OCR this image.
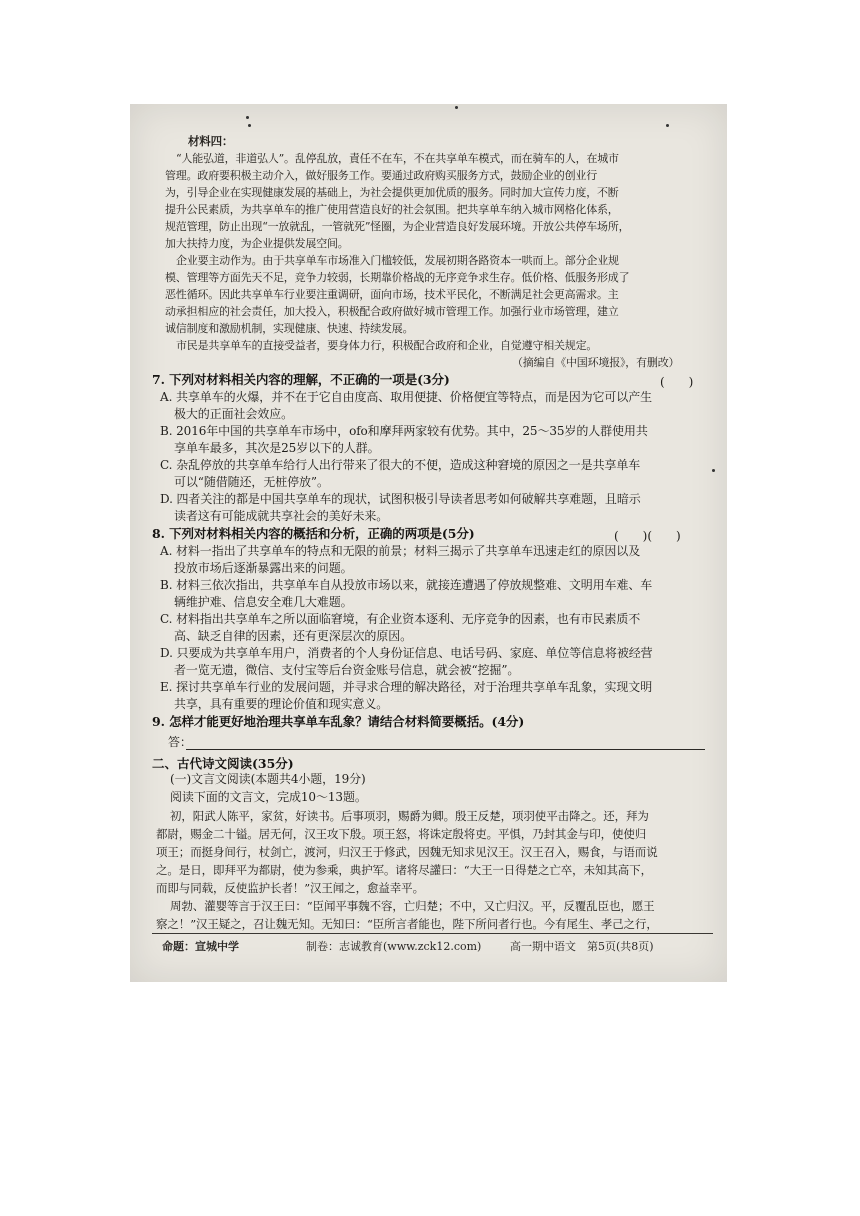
材料四：

“人能弘道，非道弘人”。乱停乱放，責任不在车，不在共享单车模式，而在骑车的人，在城市

管理。政府要积极主动介入，做好服务工作。要通过政府购买服务方式，鼓励企业的创业行

为，引导企业在实现健康发展的基础上，为社会提供更加优质的服务。同时加大宣传力度，不断

提升公民素质，为共享单车的推广使用营造良好的社会氛围。把共享单车纳入城市网格化体系，

规范管理，防止出现“一放就乱，一管就死”怪圈，为企业营造良好发展环境。开放公共停车场所，

加大扶持力度，为企业提供发展空间。

企业要主动作为。由于共享单车市场准入门槛较低，发展初期各路资本一哄而上。部分企业规

模、管理等方面先天不足，竞争力较弱，长期靠价格战的无序竞争求生存。低价格、低服务形成了

恶性循环。因此共享单车行业要注重调研，面向市场，技术平民化，不断满足社会更高需求。主

动承担相应的社会责任，加大投入，积极配合政府做好城市管理工作。加强行业市场管理，建立

诚信制度和激励机制，实现健康、快速、持续发展。

市民是共享单车的直接受益者，要身体力行，积极配合政府和企业，自觉遵守相关规定。

（摘编自《中国环境报》，有删改）

7. 下列对材料相关内容的理解，不正确的一项是(3分)	(　　)

A. 共享单车的火爆，并不在于它自由度高、取用便捷、价格便宜等特点，而是因为它可以产生

极大的正面社会效应。

B. 2016年中国的共享单车市场中，ofo和摩拜两家较有优势。其中，25～35岁的人群使用共

享单车最多，其次是25岁以下的人群。

C. 杂乱停放的共享单车给行人出行带来了很大的不便，造成这种窘境的原因之一是共享单车

可以“随借随还，无桩停放”。

D. 四者关注的都是中国共享单车的现状，试图积极引导读者思考如何破解共享难题，且暗示

读者这有可能成就共享社会的美好未来。

8. 下列对材料相关内容的概括和分析，正确的两项是(5分)	(　　)(　　)

A. 材料一指出了共享单车的特点和无限的前景；材料三揭示了共享单车迅速走红的原因以及

投放市场后逐渐暴露出来的问题。

B. 材料三依次指出，共享单车自从投放市场以来，就接连遭遇了停放规整难、文明用车难、车

辆维护难、信息安全难几大难题。

C. 材料指出共享单车之所以面临窘境，有企业资本逐利、无序竞争的因素，也有市民素质不

高、缺乏自律的因素，还有更深层次的原因。

D. 只要成为共享单车用户，消费者的个人身份证信息、电话号码、家庭、单位等信息将被经营

者一览无遗，微信、支付宝等后台资金账号信息，就会被“挖掘”。

E. 探讨共享单车行业的发展问题，并寻求合理的解决路径，对于治理共享单车乱象，实现文明

共享，具有重要的理论价值和现实意义。

9. 怎样才能更好地治理共享单车乱象？请结合材料简要概括。(4分)

答：

二、古代诗文阅读(35分)

(一)文言文阅读(本题共4小题，19分)

阅读下面的文言文，完成10～13题。

初，阳武人陈平，家贫，好读书。后事项羽，赐爵为卿。殷王反楚，项羽使平击降之。还，拜为

都尉，赐金二十镒。居无何，汉王攻下殷。项王怒，将诛定殷将吏。平惧，乃封其金与印，使使归

项王；而挺身间行，杖剑亡，渡河，归汉王于修武，因魏无知求见汉王。汉王召入，赐食，与语而说

之。是日，即拜平为都尉，使为参乘，典护军。诸将尽讙曰：“大王一日得楚之亡卒，未知其高下，

而即与同载，反使监护长者！”汉王闻之，愈益幸平。

周勃、灌婴等言于汉王曰：“臣闻平事魏不容，亡归楚；不中，又亡归汉。平，反覆乱臣也，愿王

察之！”汉王疑之，召让魏无知。无知曰：“臣所言者能也，陛下所问者行也。今有尾生、孝己之行，

命题：宣城中学	制卷：志诚教育(www.zck12.com)	高一期中语文　第5页(共8页)
